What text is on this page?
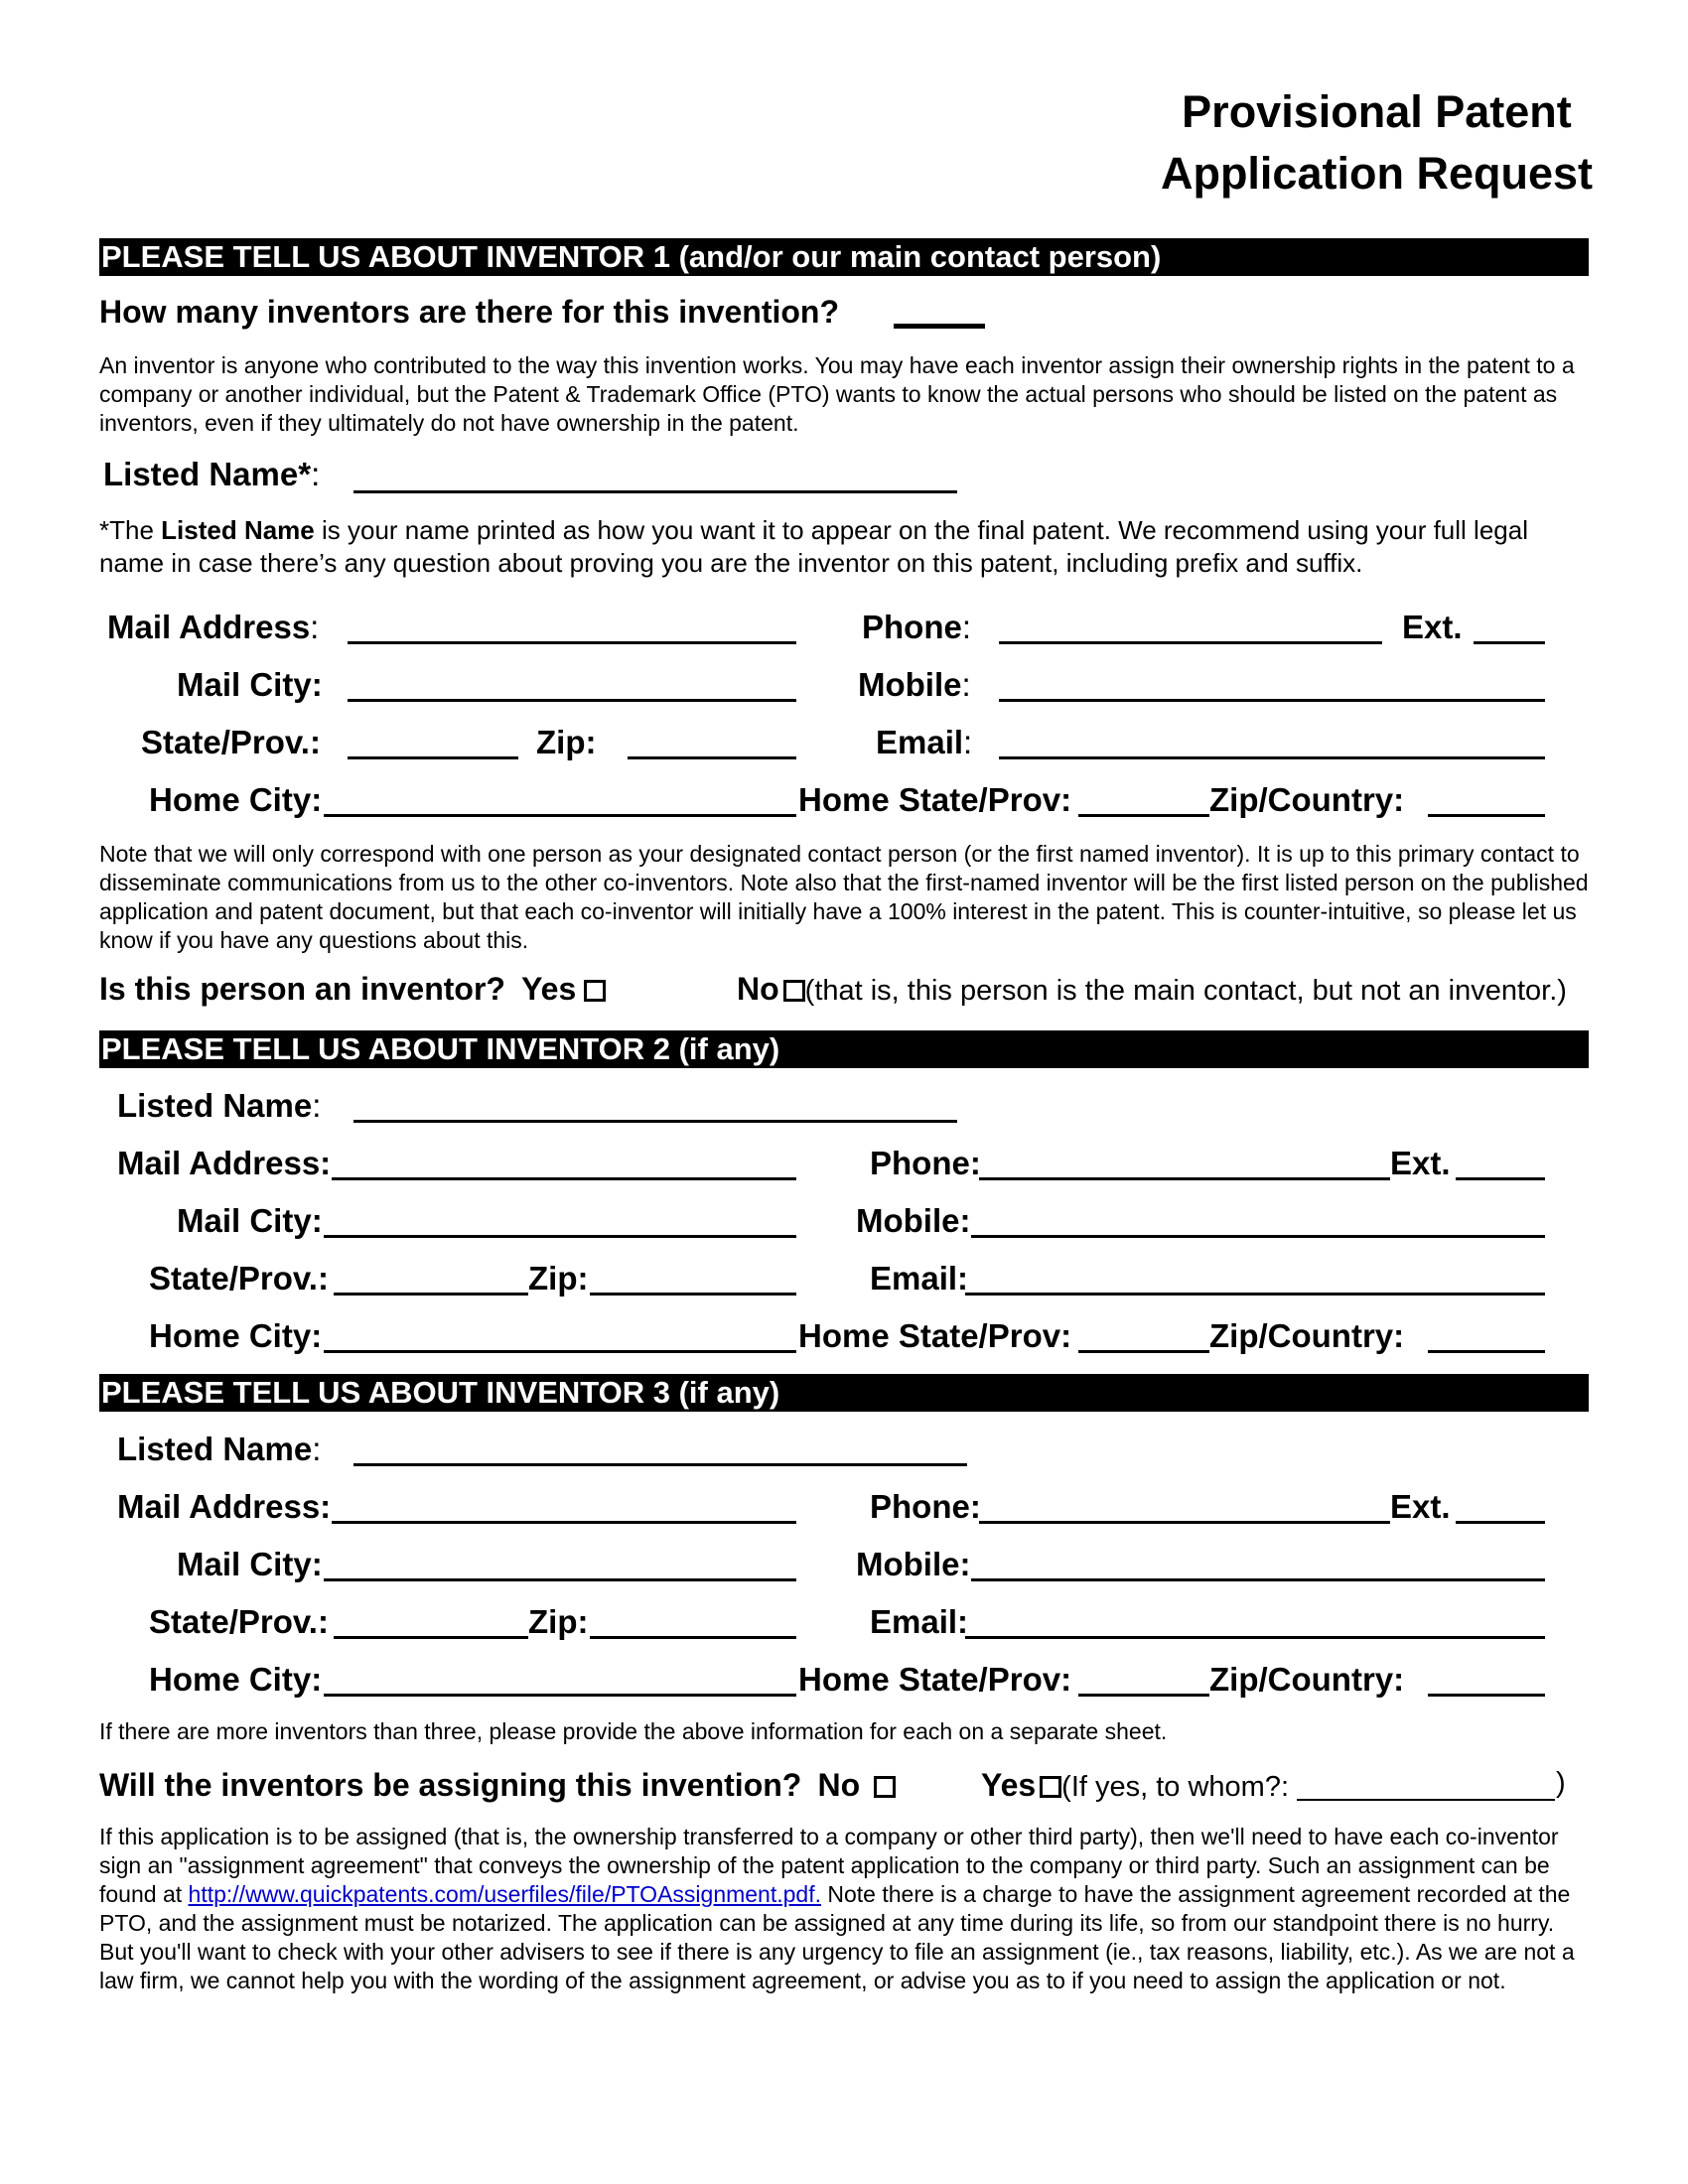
Provisional Patent
Application Request
PLEASE TELL US ABOUT INVENTOR 1 (and/or our main contact person)
How many inventors are there for this invention?
An inventor is anyone who contributed to the way this invention works. You may have each inventor assign their ownership rights in the patent to a company or another individual, but the Patent & Trademark Office (PTO) wants to know the actual persons who should be listed on the patent as inventors, even if they ultimately do not have ownership in the patent.
Listed Name*:
*The Listed Name is your name printed as how you want it to appear on the final patent. We recommend using your full legal name in case there’s any question about proving you are the inventor on this patent, including prefix and suffix.
Mail Address:	Phone:	Ext.
Mail City:	Mobile:
State/Prov.:	Zip:	Email:
Home City:	Home State/Prov:	Zip/Country:
Note that we will only correspond with one person as your designated contact person (or the first named inventor). It is up to this primary contact to disseminate communications from us to the other co-inventors. Note also that the first-named inventor will be the first listed person on the published application and patent document, but that each co-inventor will initially have a 100% interest in the patent. This is counter-intuitive, so please let us know if you have any questions about this.
Is this person an inventor? Yes	No (that is, this person is the main contact, but not an inventor.)
PLEASE TELL US ABOUT INVENTOR 2 (if any)
Listed Name:
Mail Address:	Phone:	Ext.
Mail City:	Mobile:
State/Prov.:	Zip:	Email:
Home City:	Home State/Prov:	Zip/Country:
PLEASE TELL US ABOUT INVENTOR 3 (if any)
Listed Name:
Mail Address:	Phone:	Ext.
Mail City:	Mobile:
State/Prov.:	Zip:	Email:
Home City:	Home State/Prov:	Zip/Country:
If there are more inventors than three, please provide the above information for each on a separate sheet.
Will the inventors be assigning this invention? No	Yes (If yes, to whom?:	)
If this application is to be assigned (that is, the ownership transferred to a company or other third party), then we'll need to have each co-inventor sign an "assignment agreement" that conveys the ownership of the patent application to the company or third party. Such an assignment can be found at http://www.quickpatents.com/userfiles/file/PTOAssignment.pdf. Note there is a charge to have the assignment agreement recorded at the PTO, and the assignment must be notarized. The application can be assigned at any time during its life, so from our standpoint there is no hurry. But you'll want to check with your other advisers to see if there is any urgency to file an assignment (ie., tax reasons, liability, etc.). As we are not a law firm, we cannot help you with the wording of the assignment agreement, or advise you as to if you need to assign the application or not.
